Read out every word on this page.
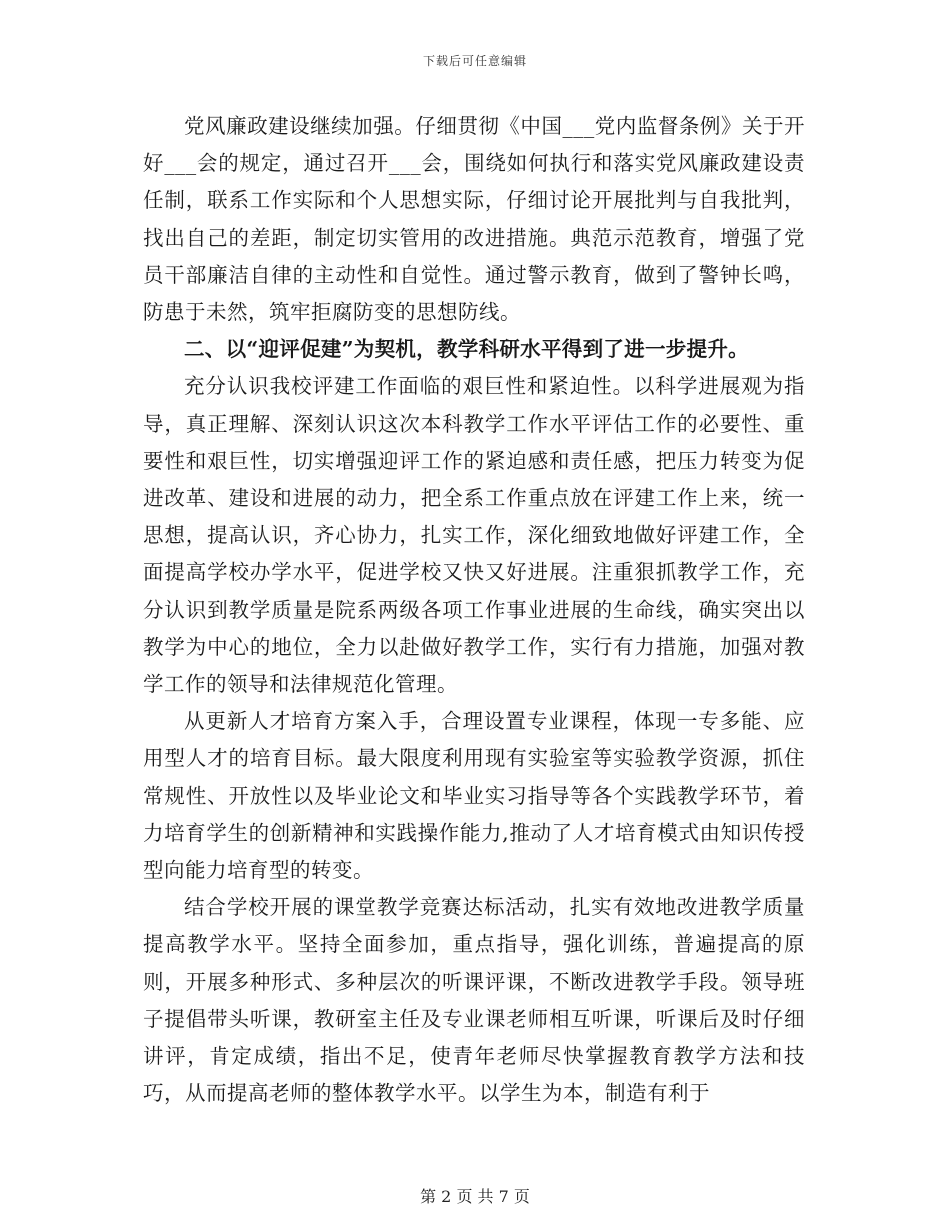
下载后可任意编辑

党风廉政建设继续加强。仔细贯彻《中国___党内监督条例》关于开好___会的规定，通过召开___会，围绕如何执行和落实党风廉政建设责任制，联系工作实际和个人思想实际，仔细讨论开展批判与自我批判，找出自己的差距，制定切实管用的改进措施。典范示范教育，增强了党员干部廉洁自律的主动性和自觉性。通过警示教育，做到了警钟长鸣，防患于未然，筑牢拒腐防变的思想防线。

二、以“迎评促建”为契机，教学科研水平得到了进一步提升。

充分认识我校评建工作面临的艰巨性和紧迫性。以科学进展观为指导，真正理解、深刻认识这次本科教学工作水平评估工作的必要性、重要性和艰巨性，切实增强迎评工作的紧迫感和责任感，把压力转变为促进改革、建设和进展的动力，把全系工作重点放在评建工作上来，统一思想，提高认识，齐心协力，扎实工作，深化细致地做好评建工作，全面提高学校办学水平，促进学校又快又好进展。注重狠抓教学工作，充分认识到教学质量是院系两级各项工作事业进展的生命线，确实突出以教学为中心的地位，全力以赴做好教学工作，实行有力措施，加强对教学工作的领导和法律规范化管理。

从更新人才培育方案入手，合理设置专业课程，体现一专多能、应用型人才的培育目标。最大限度利用现有实验室等实验教学资源，抓住常规性、开放性以及毕业论文和毕业实习指导等各个实践教学环节，着力培育学生的创新精神和实践操作能力,推动了人才培育模式由知识传授型向能力培育型的转变。

结合学校开展的课堂教学竞赛达标活动，扎实有效地改进教学质量提高教学水平。坚持全面参加，重点指导，强化训练，普遍提高的原则，开展多种形式、多种层次的听课评课，不断改进教学手段。领导班子提倡带头听课，教研室主任及专业课老师相互听课，听课后及时仔细讲评，肯定成绩，指出不足，使青年老师尽快掌握教育教学方法和技巧，从而提高老师的整体教学水平。以学生为本，制造有利于

第 2 页 共 7 页
